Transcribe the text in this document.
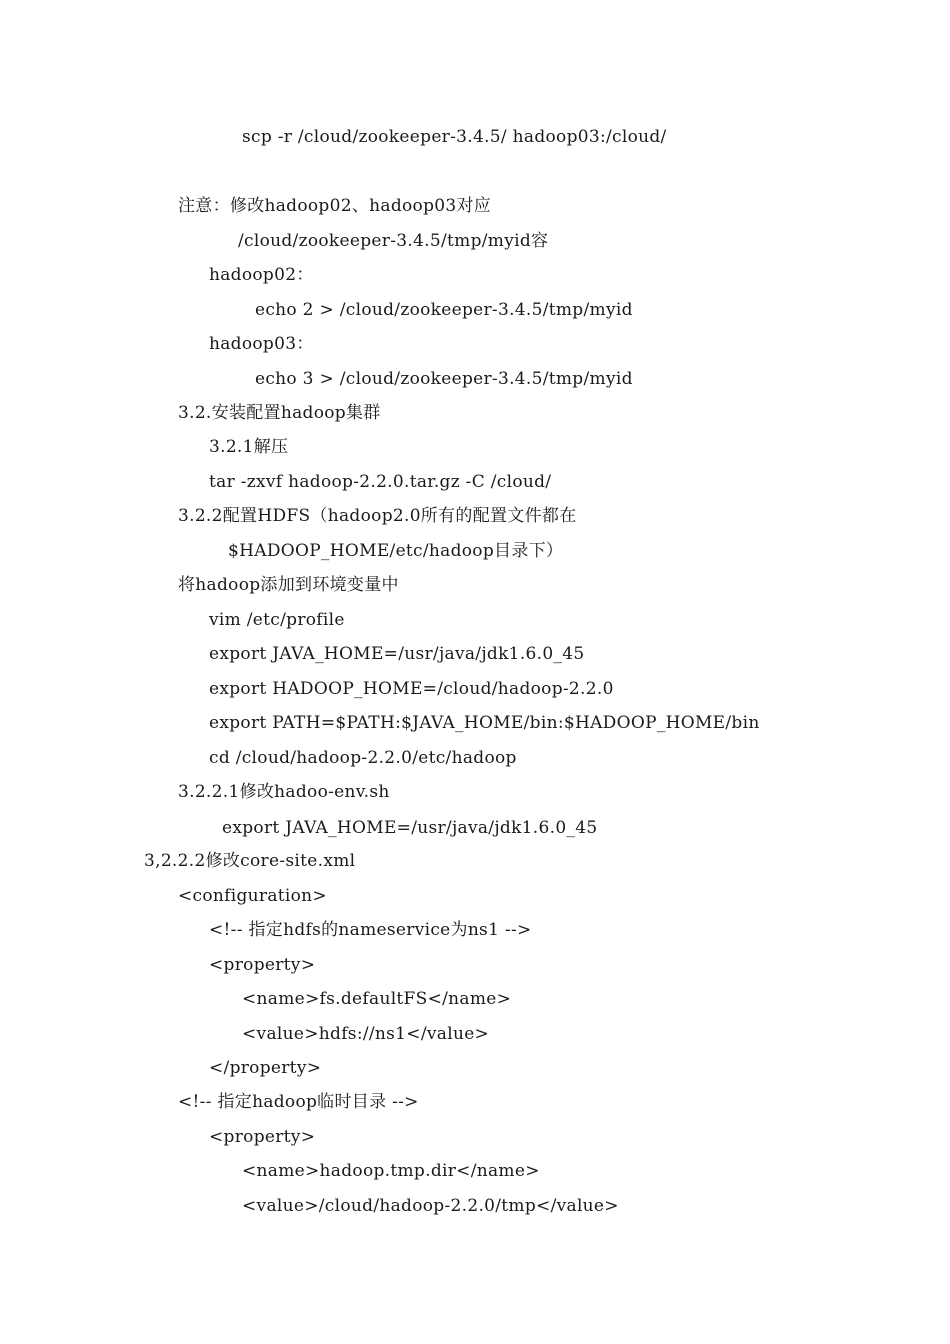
scp -r /cloud/zookeeper-3.4.5/ hadoop03:/cloud/
注意：修改hadoop02、hadoop03对应
/cloud/zookeeper-3.4.5/tmp/myid容
hadoop02：
echo 2 > /cloud/zookeeper-3.4.5/tmp/myid
hadoop03：
echo 3 > /cloud/zookeeper-3.4.5/tmp/myid
3.2.安装配置hadoop集群
3.2.1解压
tar -zxvf hadoop-2.2.0.tar.gz -C /cloud/
3.2.2配置HDFS（hadoop2.0所有的配置文件都在
$HADOOP_HOME/etc/hadoop目录下）
将hadoop添加到环境变量中
vim /etc/profile
export JAVA_HOME=/usr/java/jdk1.6.0_45
export HADOOP_HOME=/cloud/hadoop-2.2.0
export PATH=$PATH:$JAVA_HOME/bin:$HADOOP_HOME/bin
cd /cloud/hadoop-2.2.0/etc/hadoop
3.2.2.1修改hadoo-env.sh
export JAVA_HOME=/usr/java/jdk1.6.0_45
3,2.2.2修改core-site.xml
<configuration>
<!-- 指定hdfs的nameservice为ns1 -->
<property>
<name>fs.defaultFS</name>
<value>hdfs://ns1</value>
</property>
<!-- 指定hadoop临时目录 -->
<property>
<name>hadoop.tmp.dir</name>
<value>/cloud/hadoop-2.2.0/tmp</value>
